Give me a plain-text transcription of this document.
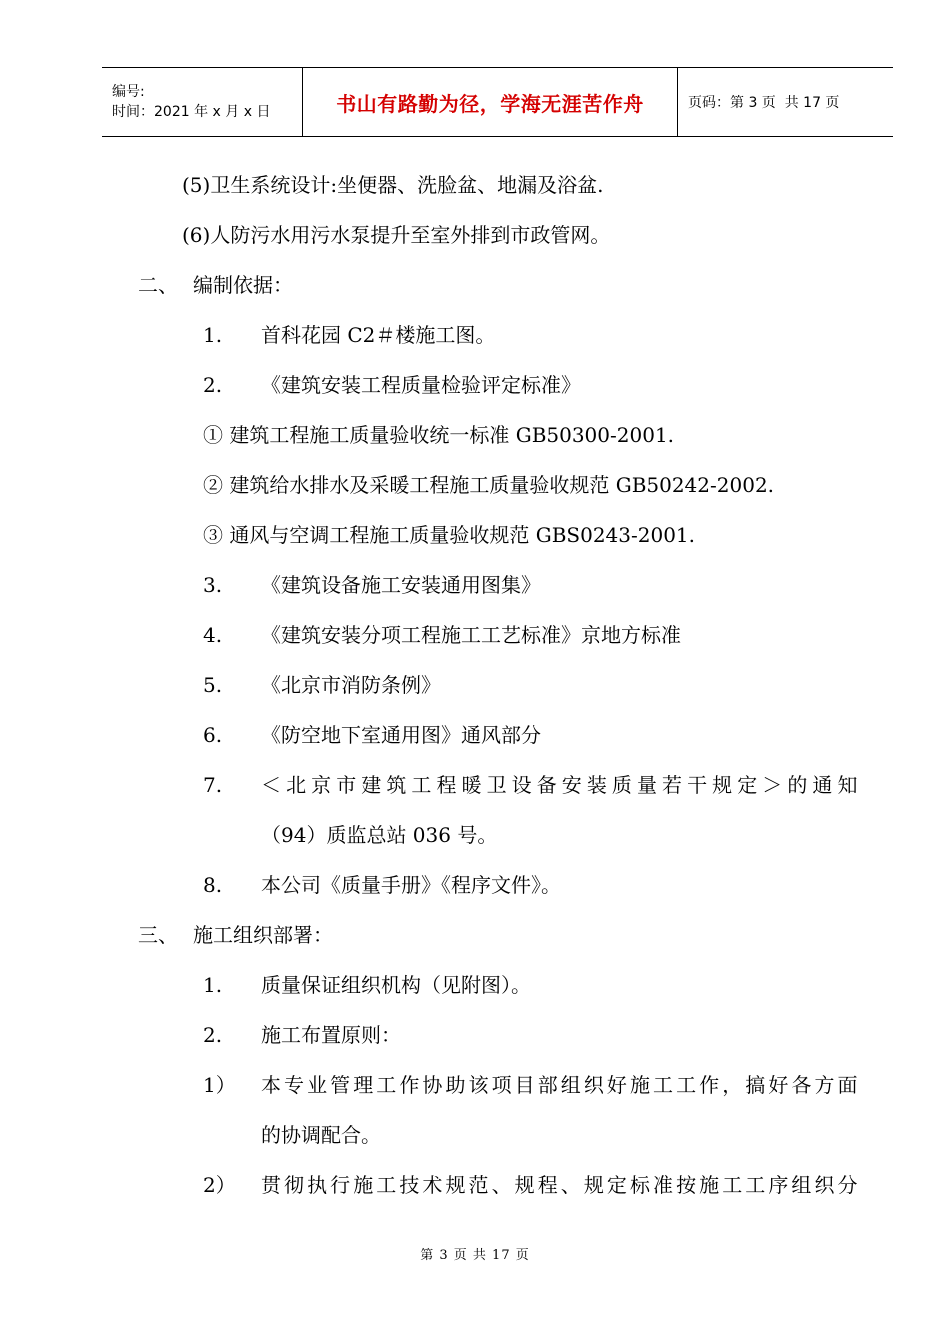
编号:
时间：2021 年 x 月 x 日	书山有路勤为径，学海无涯苦作舟	页码：第 3 页  共 17 页
(5)卫生系统设计:坐便器、洗脸盆、地漏及浴盆.
(6)人防污水用污水泵提升至室外排到市政管网。
二、 编制依据：
1. 首科花园 C2＃楼施工图。
2. 《建筑安装工程质量检验评定标准》
① 建筑工程施工质量验收统一标准 GB50300-2001.
② 建筑给水排水及采暖工程施工质量验收规范 GB50242-2002.
③ 通风与空调工程施工质量验收规范 GBS0243-2001.
3. 《建筑设备施工安装通用图集》
4. 《建筑安装分项工程施工工艺标准》京地方标准
5. 《北京市消防条例》
6. 《防空地下室通用图》通风部分
7. ＜北京市建筑工程暖卫设备安装质量若干规定＞的通知
（94）质监总站 036 号。
8. 本公司《质量手册》《程序文件》。
三、 施工组织部署：
1. 质量保证组织机构（见附图）。
2. 施工布置原则：
1） 本专业管理工作协助该项目部组织好施工工作，搞好各方面
的协调配合。
2） 贯彻执行施工技术规范、规程、规定标准按施工工序组织分
第 3 页 共 17 页
